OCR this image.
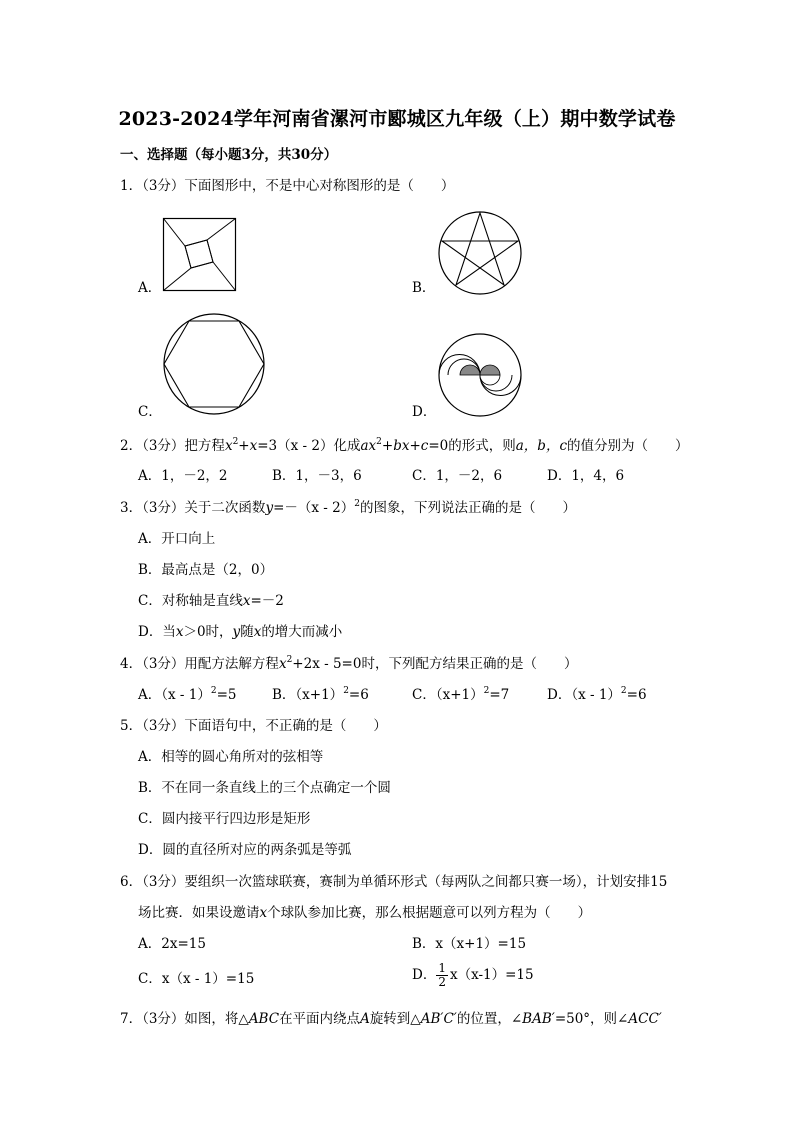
2023-2024学年河南省漯河市郾城区九年级（上）期中数学试卷
一、选择题（每小题3分，共30分）
1．（3分）下面图形中，不是中心对称图形的是（　　）
A．	B．
C．	D．
2．（3分）把方程$x^2+x=3(x - 2)$化成$ax^2+bx+c=0$的形式，则a，b，c的值分别为（　　）
A．1，－2，2	B．1，－3，6	C．1，－2，6	D．1，4，6
3．（3分）关于二次函数y=－（x - 2）$^2$的图象，下列说法正确的是（　　）
A．开口向上
B．最高点是（2，0）
C．对称轴是直线x=－2
D．当x＞0时，y随x的增大而减小
4．（3分）用配方法解方程$x^2+2x - 5=0$时，下列配方结果正确的是（　　）
A．（x - 1）$^2$=5	B．$(x+1)^2=6$	C．$(x+1)^2=7$	D．（x - 1）$^2$=6
5．（3分）下面语句中，不正确的是（　　）
A．相等的圆心角所对的弦相等
B．不在同一条直线上的三个点确定一个圆
C．圆内接平行四边形是矩形
D．圆的直径所对应的两条弧是等弧
6．（3分）要组织一次篮球联赛，赛制为单循环形式（每两队之间都只赛一场），计划安排15
场比赛．如果设邀请x个球队参加比赛，那么根据题意可以列方程为（　　）
A．2x=15	B．x（x+1）=15
C．x（x - 1）=15	D． $\frac{1}{2} x(x-1)=15$
7．（3分）如图，将△ABC在平面内绕点A旋转到△AB′C′的位置，∠BAB′=50°，则∠ACC′
